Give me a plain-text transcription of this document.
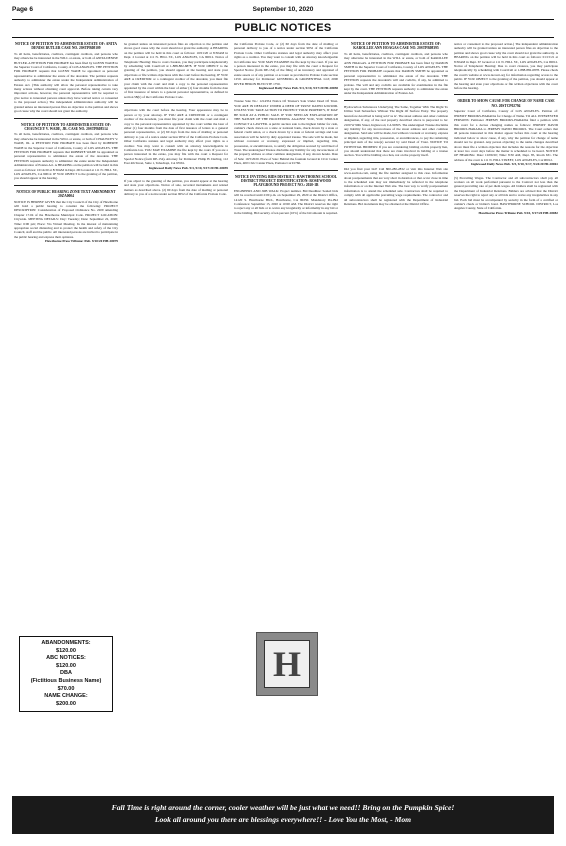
Page 6	September 10, 2020
PUBLIC NOTICES
NOTICE OF PETITION TO ADMINISTER ESTATE OF: ANITA DENISE BUTLER CASE NO. 20STPB08109
To all heirs, beneficiaries, creditors, contingent creditors, and persons who may otherwise be interested in the WILL or estate, or both of ANITA DENISE BUTLER. A PETITION FOR PROBATE has been filed by GLENN WADE in the Superior Court of California, County of LOS ANGELES. THE PETITION FOR PROBATE requests that GLENN WADE be appointed as personal representative to administer the estate of the decedent. The petition requests authority to administer the estate under the Independent Administration of Estates Act. (This authority will allow the personal representative to take many actions without obtaining court approval. Before taking certain very important actions, however, the personal representative will be required to give notice to interested persons unless they have waived notice or consented to the proposed action.) The independent administration authority will be granted unless an interested person files an objection to the petition and shows good cause why the court should not grant the authority.
NOTICE OF PETITION TO ADMINISTER ESTATE OF: CHAUNCEY V. WADE, JR. CASE NO. 20STPB08514
To all heirs, beneficiaries, creditors, contingent creditors, and persons who may otherwise be interested in the WILL or estate, or both of CHAUNCEY V. WADE, JR. A PETITION FOR PROBATE has been filed by ROBERTE WADE in the Superior Court of California, County of LOS ANGELES. THE PETITION FOR PROBATE requests that ROBERTE WADE be appointed as personal representative to administer the estate of the decedent. THE PETITION requests authority to administer the estate under the Independent Administration of Estates Act. A HEARING on the petition will be held in this court as follows: 10/14/20 at 8:30AM in Dept. 2D located at 111 N. HILL ST., LOS ANGELES, CA 90012. IF YOU OBJECT to the granting of the petition, you should appear at the hearing.
NOTICE OF PUBLIC HEARING ZONE TEXT AMENDMENT 20ZA0004
NOTICE IS HEREBY GIVEN that the City Council of the City of Hawthorne will hold a public hearing to consider the following: PROJECT DESCRIPTION: Consideration of Proposed Ordinance No. 2209 amending Chapter 17.04 of the Hawthorne Municipal Code. PROJECT LOCATION: Citywide. MEETING DETAILS: Day: Tuesday; Date: September 22, 2020; Time: 6:00 pm; Place: Via Virtual Meeting. In the interest of maintaining appropriate social distancing and to protect the health and safety of the City Council, staff and the public. All interested persons are invited to participate in the public hearing and express their opinions.
Hawthorne Press Tribune: Pub. 9/10/20 HH-28079
be granted unless an interested person files an objection to the petition and shows good cause why the court should not grant the authority. A HEARING on the petition will be held in this court as follows: 10/01/20 at 8:30AM in Dept. 2 located at 111 N. HILL ST., LOS ANGELES, CA 90012. Notice of Telephonic Hearing: Due to court closures, you may participate telephonically by scheduling with CourtCall at 1-888-882-6878. IF YOU OBJECT to the granting of the petition, you should appear at the hearing and state your objections or file written objections with the court before the hearing. IF YOU ARE A CREDITOR or a contingent creditor of the decedent, you must file your claim with the court and mail a copy to the personal representative appointed by the court within the later of either (1) four months from the date of first issuance of letters to a general personal representative, as defined in section 58(b) of the California Probate Code.
objections with the court before the hearing. Your appearance may be in person or by your attorney. IF YOU ARE A CREDITOR or a contingent creditor of the decedent, you must file your claim with the court and mail a copy to the personal representative appointed by the court within the later of either (1) four months from the date of first issuance of letters to a general personal representative, or (2) 60 days from the date of mailing or personal delivery to you of a notice under section 9052 of the California Probate Code. Other California statutes and legal authority may affect your rights as a creditor. You may want to consult with an attorney knowledgeable in California law. YOU MAY EXAMINE the file kept by the court. If you are a person interested in the estate, you may file with the court a Request for Special Notice (form DE-154). Attorney for Petitioner: Philip H. Darling, 112 East 4th Street, Suite 1, Tehachapi, CA 93561.
Inglewood Daily News Pub. 9/3, 9/10, 9/17/20 HI-28059
If you object to the granting of the petition, you should appear at the hearing and state your objections. Notice of sale, recorded instruments and related matters as described above. (2) 60 days from the date of mailing or personal delivery to you of a notice under section 9052 of the California Probate Code.
the California Probate Code, or (2) 60 days from the date of mailing or personal delivery to you of a notice under section 9052 of the California Probate Code. Other California statutes and legal authority may affect your rights as a creditor. You may want to consult with an attorney knowledgeable in California law. YOU MAY EXAMINE the file kept by the court. If you are a person interested in the estate, you may file with the court a Request for Special Notice (form DE-154) of the filing of an inventory and appraisal of estate assets or of any petition or account as provided in Probate Code section 1250. Attorney for Petitioner: GINSBURG & GRONENTHAL LLP, 2000 RIVER HERON BLVD STE 1750.
Inglewood Daily News Pub. 9/3, 9/10, 9/17/20 HI-28058
Trustee Sale No.: 1214354 Notice Of Trustee's Sale Under Deed Of Trust. YOU ARE IN DEFAULT UNDER A DEED OF TRUST DATED 6/20/2006. UNLESS YOU TAKE ACTION TO PROTECT YOUR PROPERTY, IT MAY BE SOLD AT A PUBLIC SALE. IF YOU NEED AN EXPLANATION OF THE NATURE OF THE PROCEEDING AGAINST YOU, YOU SHOULD CONTACT A LAWYER. A public auction sale to the highest bidder for cash, cashier's check drawn on a state or national bank, check drawn by a state or federal credit union, or a check drawn by a state or federal savings and loan association will be held by duly appointed trustee. The sale will be made, but without covenant or warranty, expressed or implied, regarding title, possession, or encumbrances, to satisfy the obligation secured by said Deed of Trust. The undersigned Trustee disclaims any liability for any incorrectness of the property address or other common designation, if any, shown herein. Date of Sale: 10/5/2020. Place of Sale: Behind the fountain located in Civic Center Plaza, 400 Civic Center Plaza, Pomona CA 91766.
NOTICE INVITING BIDS DISTRICT: HAWTHORNE SCHOOL DISTRICT PROJECT IDENTIFICATION: ROSEWOOD PLAYGROUND PROJECT NO.: 2020-1B
ENGINEERS AND JOB WALK: Project number. Bid Deadline: Sealed bids will be received until 2:00 p.m. on September 29, 2020 at the District Office, 14120 S. Hawthorne Blvd., Hawthorne, CA 90250. Mandatory Pre-Bid Conference: September 15, 2020 at 10:00 AM. The District reserves the right to reject any or all bids or to waive any irregularity or informality in any bid or in the bidding. Bid security of ten percent (10%) of the bid amount is required.
NOTICE OF PETITION TO ADMINISTER ESTATE OF: KAROLLEE ANN HOAGAS CASE NO. 20STPB08395
To all heirs, beneficiaries, creditors, contingent creditors, and persons who may otherwise be interested in the WILL or estate, or both of KAROLLEE ANN HOAGAS. A PETITION FOR PROBATE has been filed by DAMON SMITH in the Superior Court of California, County of LOS ANGELES. THE PETITION FOR PROBATE requests that DAMON SMITH be appointed as personal representative to administer the estate of the decedent. THE PETITION requests the decedent's will and codicils, if any, be admitted to probate. The will and any codicils are available for examination in the file kept by the court. THE PETITION requests authority to administer the estate under the Independent Administration of Estates Act.
Hydrocarbon Substances Underlying The Same, Together With The Right To Utilize Said Subsurface Without The Right Of Surface Entry. The property heretofore described is being sold 'as is'. The street address and other common designation, if any, of the real property described above is purported to be: 2100 W 90th Street, Inglewood, CA 90305. The undersigned Trustee disclaims any liability for any incorrectness of the street address and other common designation. Said sale will be made, but without covenant or warranty, express or implied, regarding title, possession, or encumbrances, to pay the remaining principal sum of the note(s) secured by said Deed of Trust. NOTICE TO POTENTIAL BIDDERS: If you are considering bidding on this property lien, you should understand that there are risks involved in bidding at a trustee auction. You will be bidding on a lien, not on the property itself.
Did you find your bid? Call 800-280-2832 or visit this Internet Web site www.auction.com, using the file number assigned to this case. Information about postponements that are very short in duration or that occur close in time to the scheduled sale may not immediately be reflected in the telephone information or on the Internet Web site. The best way to verify postponement information is to attend the scheduled sale. Contractors shall be required to comply with all applicable prevailing wage requirements. The contractor and all subcontractors shall be registered with the Department of Industrial Relations. Bid documents may be obtained at the District Office.
notice or consented to the proposed action.) The independent administration authority will be granted unless an interested person files an objection to the petition and shows good cause why the court should not grant the authority. A HEARING on the petition will be held in this court as follows: 01/15/21 at 8:30AM in Dept. 67 located at 111 N. HILL ST., LOS ANGELES, CA 90012. Notice of Telephonic Hearing: Due to court closures, you may participate telephonically by scheduling with CourtCall at 1-888-882-6878. Please check the court's website at www.lacourt.org for information regarding access to the public. IF YOU OBJECT to the granting of the petition, you should appear at the hearing and state your objections or file written objections with the court before the hearing.
ORDER TO SHOW CAUSE FOR CHANGE OF NAME CASE NO. 20STCP02794
Superior Court of California, County of LOS ANGELES. Petition of: JEREMY BROOKS-HARADA for Change of Name. TO ALL INTERESTED PERSONS: Petitioner JEREMY BROOKS-HARADA filed a petition with this court for a decree changing names as follows: JEREMY DAVID BROOKS-HARADA to JEREMY DAVID BROOKS. The Court orders that all persons interested in this matter appear before this court at the hearing indicated below to show cause, if any, why the petition for change of name should not be granted. Any person objecting to the name changes described above must file a written objection that includes the reasons for the objection at least two court days before the matter is scheduled to be heard. NOTICE OF HEARING: Date: 10/09/20; Time: 8:30 AM, Dept. 85, Room 631. The address of the court is 111 N. HILL STREET, LOS ANGELES, CA 90012.
Inglewood Daily News Pub. 9/3, 9/10, 9/17, 9/24/20 HI-28061
(5) Prevailing Wages. The Contractor and all subcontractors shall pay all workers on all work performed pursuant to the Contract not less than the general prevailing rate of per diem wages. All bidders shall be registered with the Department of Industrial Relations. Bidders are advised that the District reserves the right to reject any or all bids and to waive any irregularities in any bid. Each bid must be accompanied by security in the form of a certified or cashier's check or bidder's bond. HAWTHORNE SCHOOL DISTRICT, Los Angeles County, State of California.
Hawthorne Press Tribune Pub. 9/10, 9/17/20 HH-28082
ABANDONMENTS:
$120.00
ABC NOTICES:
$120.00
DBA
(Fictitious Business Name)
$70.00
NAME CHANGE:
$200.00
H
Fall Time is right around the corner, cooler weather will be just what we need!! Bring on the Pumpkin Spice!
Look all around you there are blessings everywhere!! - Love You the Most, - Mom
